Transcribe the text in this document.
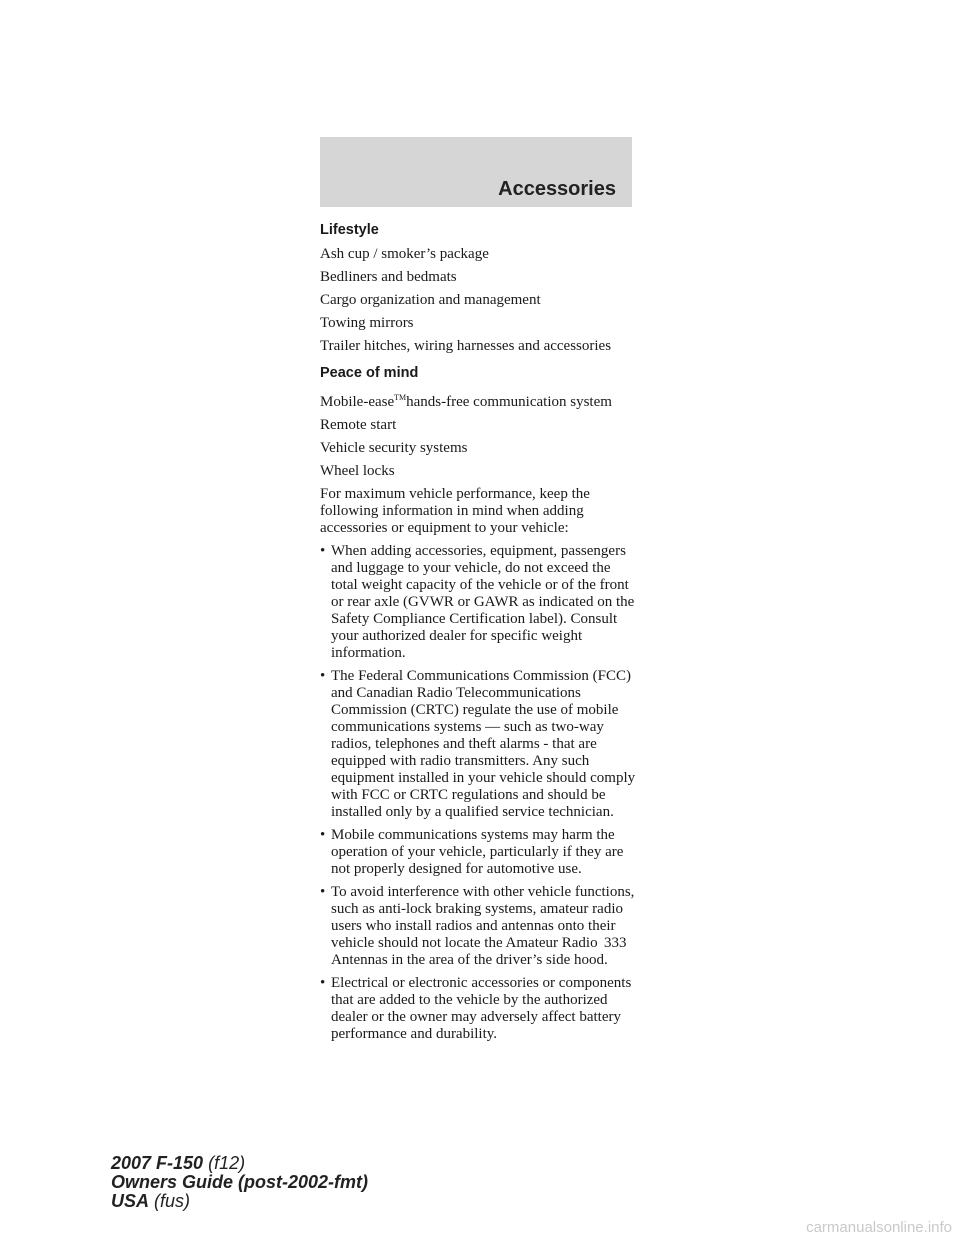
Accessories
Lifestyle
Ash cup / smoker’s package
Bedliners and bedmats
Cargo organization and management
Towing mirrors
Trailer hitches, wiring harnesses and accessories
Peace of mind
Mobile-ease™hands-free communication system
Remote start
Vehicle security systems
Wheel locks
For maximum vehicle performance, keep the following information in mind when adding accessories or equipment to your vehicle:
• When adding accessories, equipment, passengers and luggage to your vehicle, do not exceed the total weight capacity of the vehicle or of the front or rear axle (GVWR or GAWR as indicated on the Safety Compliance Certification label). Consult your authorized dealer for specific weight information.
• The Federal Communications Commission (FCC) and Canadian Radio Telecommunications Commission (CRTC) regulate the use of mobile communications systems — such as two-way radios, telephones and theft alarms - that are equipped with radio transmitters. Any such equipment installed in your vehicle should comply with FCC or CRTC regulations and should be installed only by a qualified service technician.
• Mobile communications systems may harm the operation of your vehicle, particularly if they are not properly designed for automotive use.
• To avoid interference with other vehicle functions, such as anti-lock braking systems, amateur radio users who install radios and antennas onto their vehicle should not locate the Amateur Radio Antennas in the area of the driver’s side hood.
• Electrical or electronic accessories or components that are added to the vehicle by the authorized dealer or the owner may adversely affect battery performance and durability.
333
2007 F-150 (f12)
Owners Guide (post-2002-fmt)
USA (fus)
carmanualsonline.info
